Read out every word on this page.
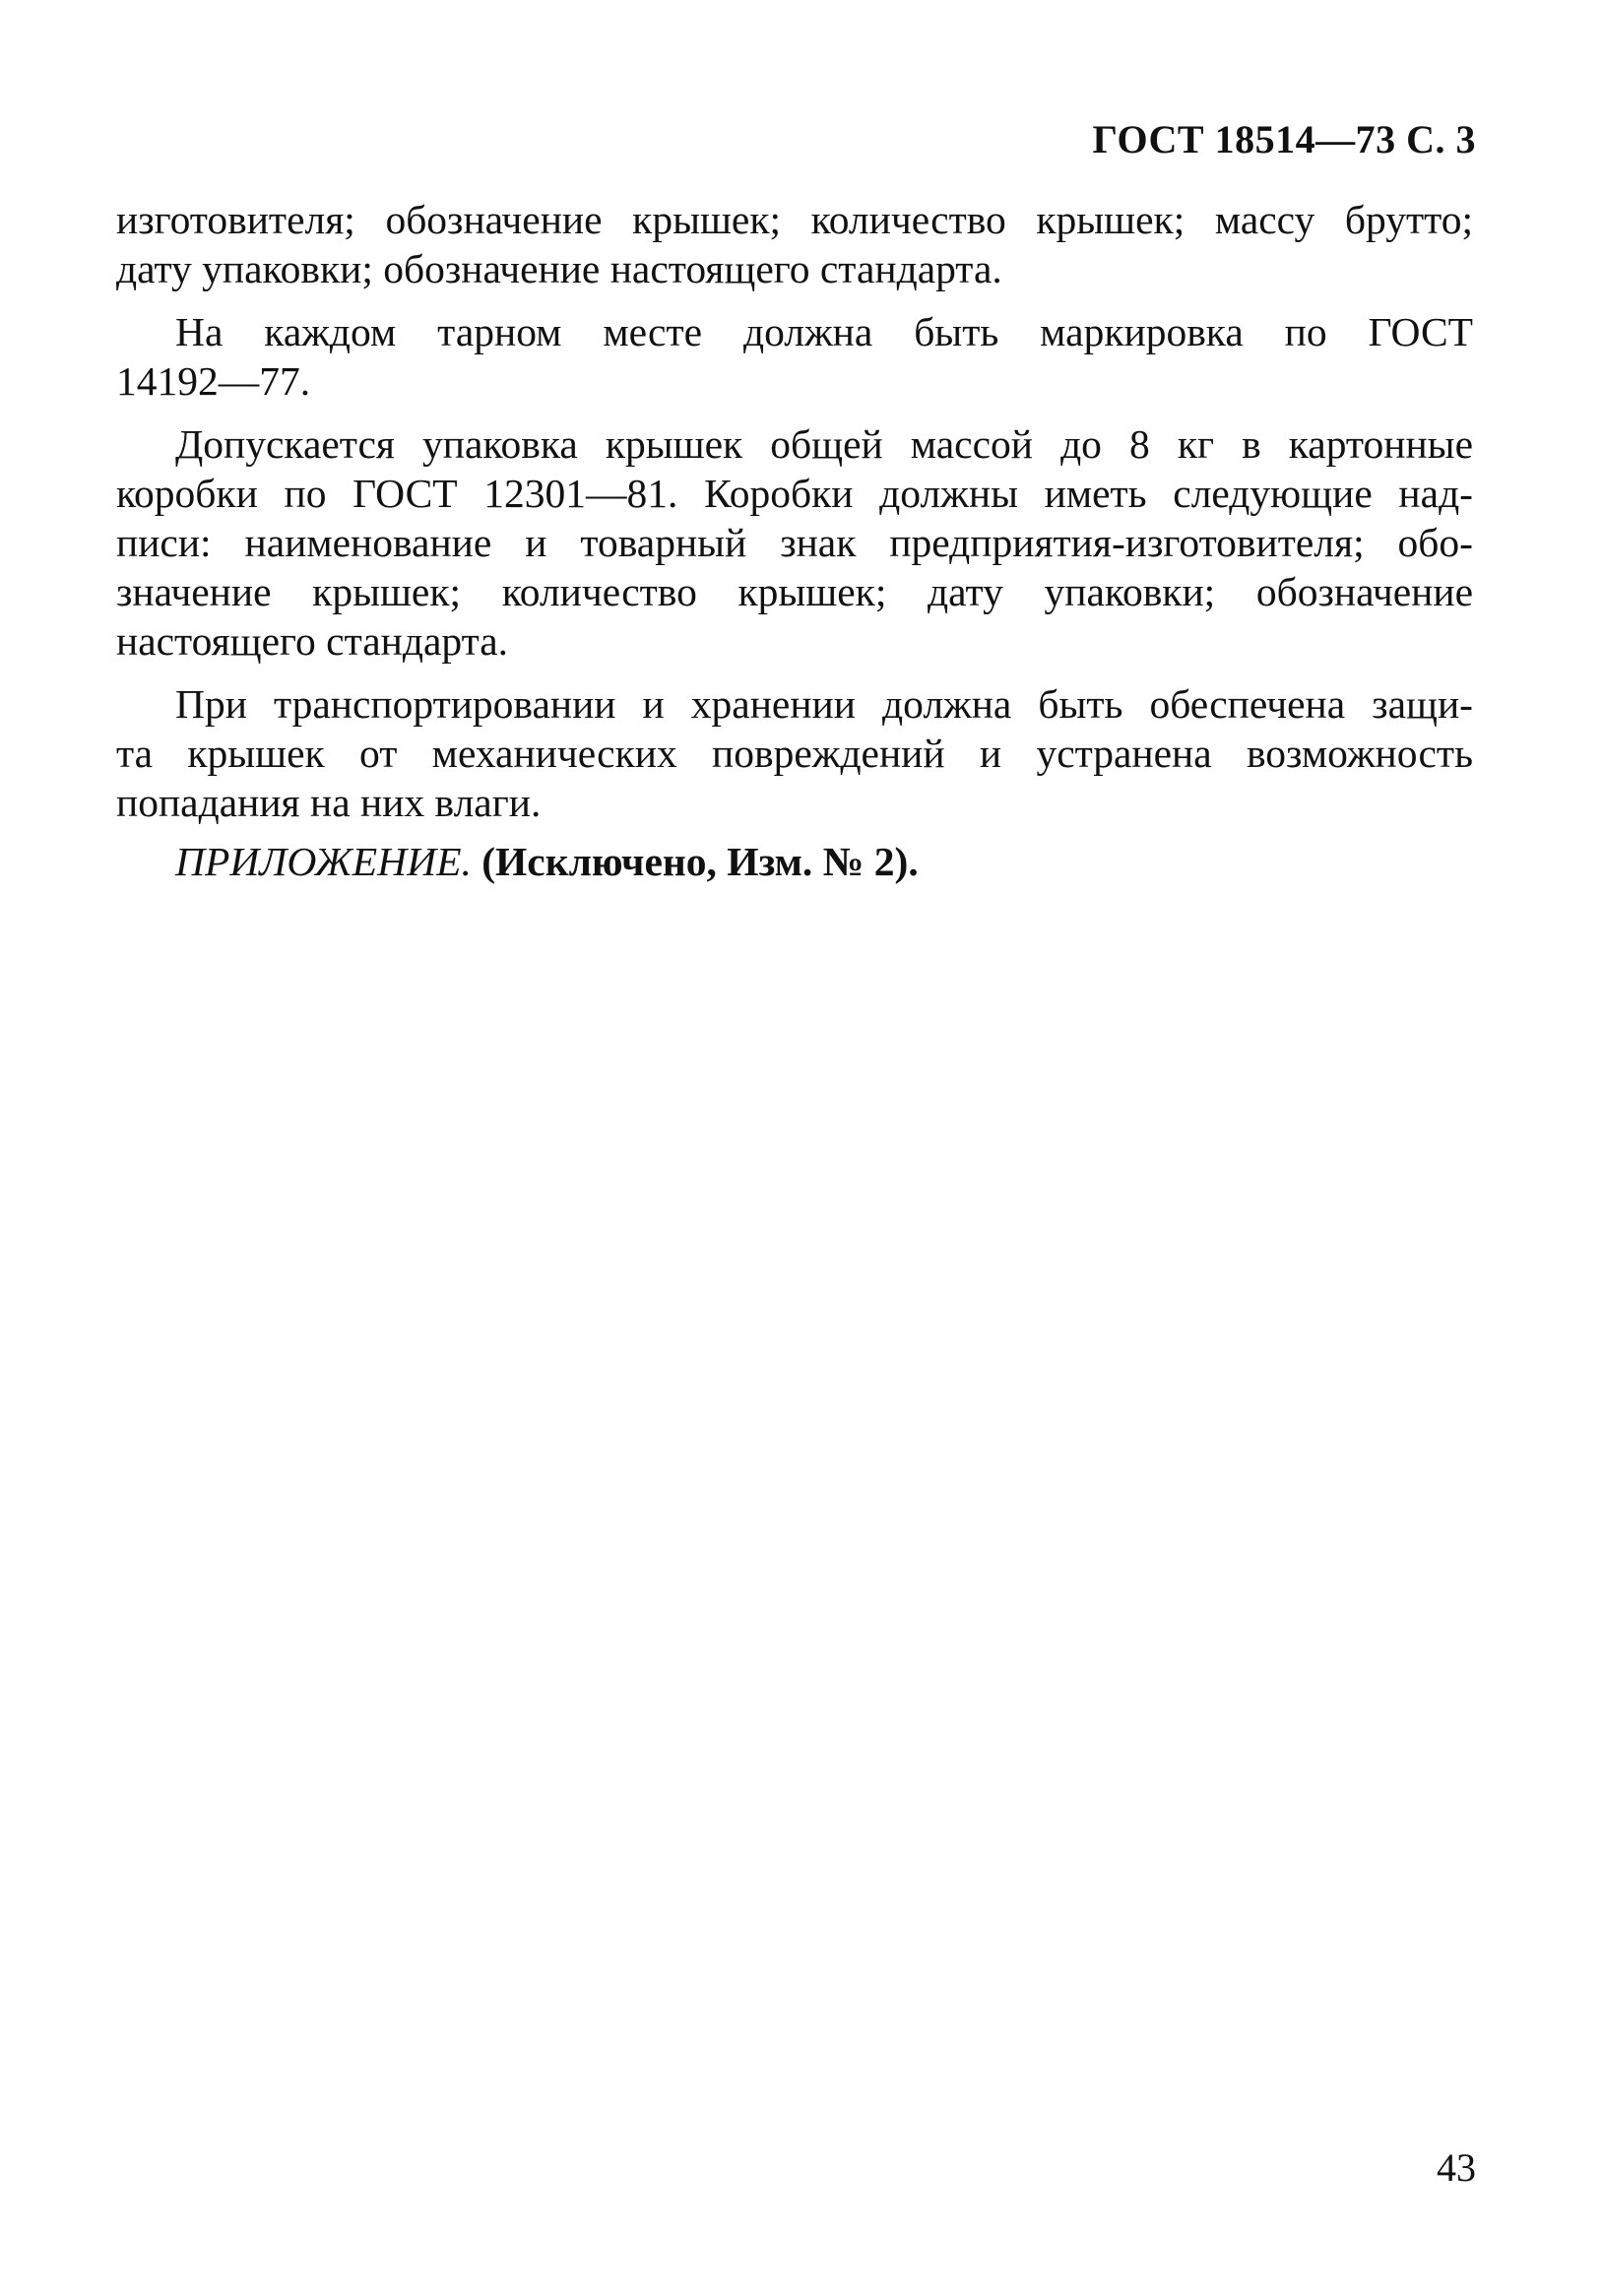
ГОСТ 18514—73 С. 3
изготовителя; обозначение крышек; количество крышек; массу брутто;
дату упаковки; обозначение настоящего стандарта.
На каждом тарном месте должна быть маркировка по ГОСТ
14192—77.
Допускается упаковка крышек общей массой до 8 кг в картонные
коробки по ГОСТ 12301—81. Коробки должны иметь следующие над-
писи: наименование и товарный знак предприятия-изготовителя; обо-
значение крышек; количество крышек; дату упаковки; обозначение
настоящего стандарта.
При транспортировании и хранении должна быть обеспечена защи-
та крышек от механических повреждений и устранена возможность
попадания на них влаги.
ПРИЛОЖЕНИЕ. (Исключено, Изм. № 2).
43
